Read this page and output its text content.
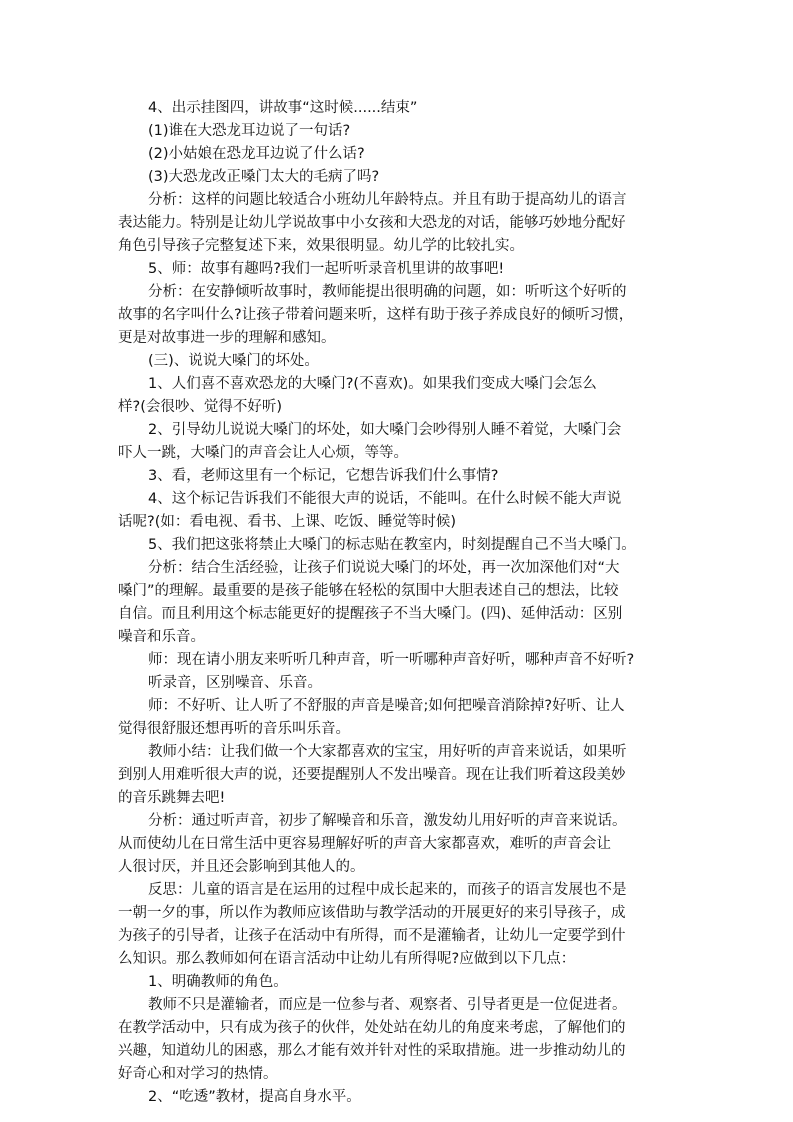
4、出示挂图四，讲故事“这时候......结束”
(1)谁在大恐龙耳边说了一句话?
(2)小姑娘在恐龙耳边说了什么话?
(3)大恐龙改正嗓门太大的毛病了吗?
分析：这样的问题比较适合小班幼儿年龄特点。并且有助于提高幼儿的语言
表达能力。特别是让幼儿学说故事中小女孩和大恐龙的对话，能够巧妙地分配好
角色引导孩子完整复述下来，效果很明显。幼儿学的比较扎实。
5、师：故事有趣吗?我们一起听听录音机里讲的故事吧!
分析：在安静倾听故事时，教师能提出很明确的问题，如：听听这个好听的
故事的名字叫什么?让孩子带着问题来听，这样有助于孩子养成良好的倾听习惯，
更是对故事进一步的理解和感知。
(三)、说说大嗓门的坏处。
1、人们喜不喜欢恐龙的大嗓门?(不喜欢)。如果我们变成大嗓门会怎么
样?(会很吵、觉得不好听)
2、引导幼儿说说大嗓门的坏处，如大嗓门会吵得别人睡不着觉，大嗓门会
吓人一跳，大嗓门的声音会让人心烦，等等。
3、看，老师这里有一个标记，它想告诉我们什么事情?
4、这个标记告诉我们不能很大声的说话，不能叫。在什么时候不能大声说
话呢?(如：看电视、看书、上课、吃饭、睡觉等时候)
5、我们把这张将禁止大嗓门的标志贴在教室内，时刻提醒自己不当大嗓门。
分析：结合生活经验，让孩子们说说大嗓门的坏处，再一次加深他们对“大
嗓门”的理解。最重要的是孩子能够在轻松的氛围中大胆表述自己的想法，比较
自信。而且利用这个标志能更好的提醒孩子不当大嗓门。(四)、延伸活动：区别
噪音和乐音。
师：现在请小朋友来听听几种声音，听一听哪种声音好听，哪种声音不好听?
听录音，区别噪音、乐音。
师：不好听、让人听了不舒服的声音是噪音;如何把噪音消除掉?好听、让人
觉得很舒服还想再听的音乐叫乐音。
教师小结：让我们做一个大家都喜欢的宝宝，用好听的声音来说话，如果听
到别人用难听很大声的说，还要提醒别人不发出噪音。现在让我们听着这段美妙
的音乐跳舞去吧!
分析：通过听声音，初步了解噪音和乐音，激发幼儿用好听的声音来说话。
从而使幼儿在日常生活中更容易理解好听的声音大家都喜欢，难听的声音会让
人很讨厌，并且还会影响到其他人的。
反思：儿童的语言是在运用的过程中成长起来的，而孩子的语言发展也不是
一朝一夕的事，所以作为教师应该借助与教学活动的开展更好的来引导孩子，成
为孩子的引导者，让孩子在活动中有所得，而不是灌输者，让幼儿一定要学到什
么知识。那么教师如何在语言活动中让幼儿有所得呢?应做到以下几点：
1、明确教师的角色。
教师不只是灌输者，而应是一位参与者、观察者、引导者更是一位促进者。
在教学活动中，只有成为孩子的伙伴，处处站在幼儿的角度来考虑，了解他们的
兴趣，知道幼儿的困惑，那么才能有效并针对性的采取措施。进一步推动幼儿的
好奇心和对学习的热情。
2、“吃透”教材，提高自身水平。
